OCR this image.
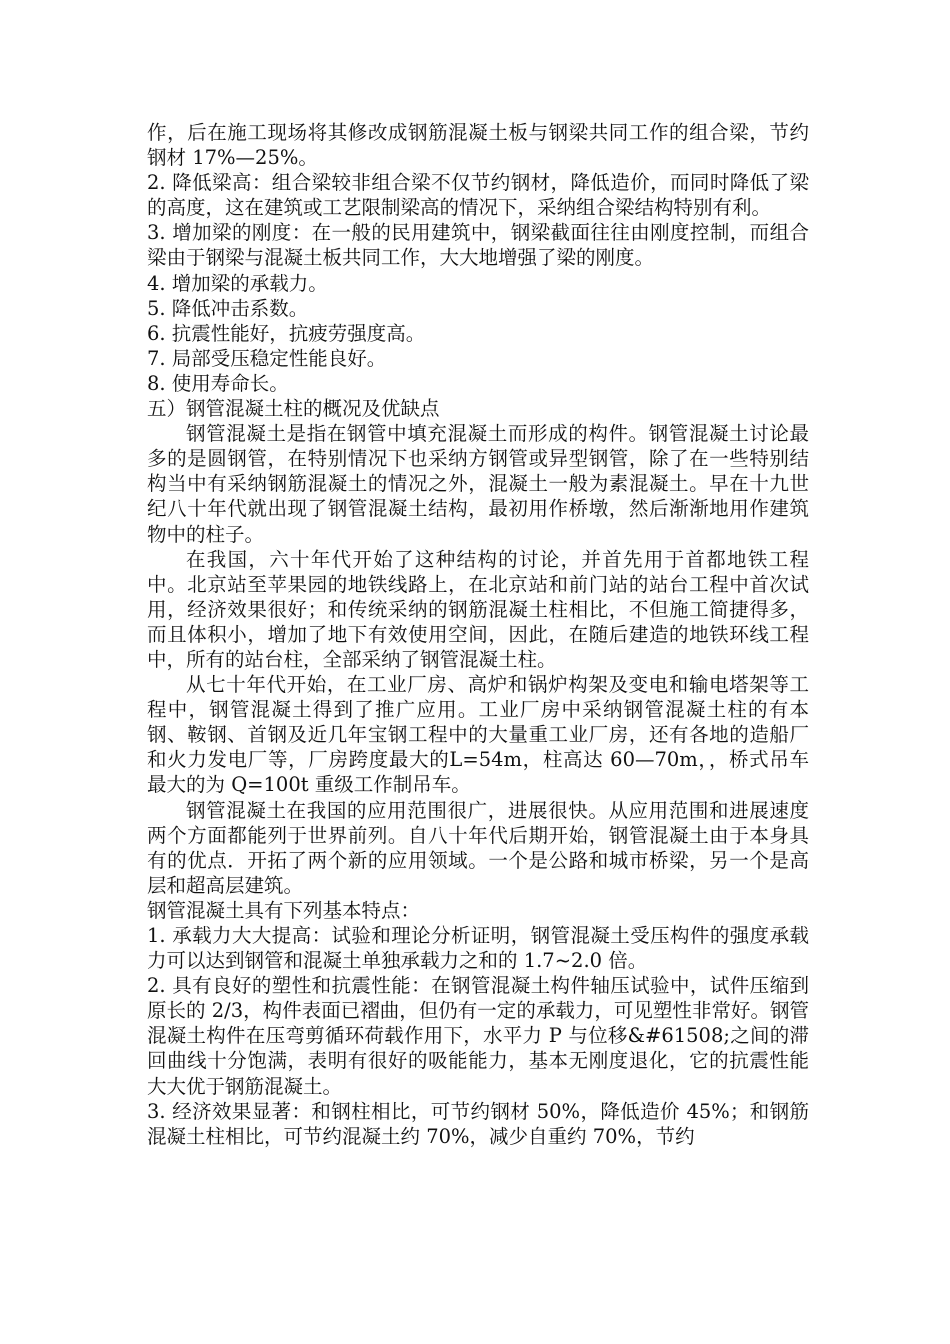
作，后在施工现场将其修改成钢筋混凝土板与钢梁共同工作的组合梁，节约钢材 17%—25%。

2. 降低梁高：组合梁较非组合梁不仅节约钢材，降低造价，而同时降低了梁的高度，这在建筑或工艺限制梁高的情况下，采纳组合梁结构特别有利。

3. 增加梁的刚度：在一般的民用建筑中，钢梁截面往往由刚度控制，而组合梁由于钢梁与混凝土板共同工作，大大地增强了梁的刚度。

4. 增加梁的承载力。

5. 降低冲击系数。

6. 抗震性能好，抗疲劳强度高。

7. 局部受压稳定性能良好。

8. 使用寿命长。

五）钢管混凝土柱的概况及优缺点

钢管混凝土是指在钢管中填充混凝土而形成的构件。钢管混凝土讨论最多的是圆钢管，在特别情况下也采纳方钢管或异型钢管，除了在一些特别结构当中有采纳钢筋混凝土的情况之外，混凝土一般为素混凝土。早在十九世纪八十年代就出现了钢管混凝土结构，最初用作桥墩，然后渐渐地用作建筑物中的柱子。

在我国，六十年代开始了这种结构的讨论，并首先用于首都地铁工程中。北京站至苹果园的地铁线路上，在北京站和前门站的站台工程中首次试用，经济效果很好；和传统采纳的钢筋混凝土柱相比，不但施工简捷得多，而且体积小，增加了地下有效使用空间，因此，在随后建造的地铁环线工程中，所有的站台柱，全部采纳了钢管混凝土柱。

从七十年代开始，在工业厂房、高炉和锅炉构架及变电和输电塔架等工程中，钢管混凝土得到了推广应用。工业厂房中采纳钢管混凝土柱的有本钢、鞍钢、首钢及近几年宝钢工程中的大量重工业厂房，还有各地的造船厂和火力发电厂等，厂房跨度最大的L=54m，柱高达 60—70m，，桥式吊车最大的为 Q=100t 重级工作制吊车。

钢管混凝土在我国的应用范围很广，进展很快。从应用范围和进展速度两个方面都能列于世界前列。自八十年代后期开始，钢管混凝土由于本身具有的优点．开拓了两个新的应用领域。一个是公路和城市桥梁，另一个是高层和超高层建筑。

钢管混凝土具有下列基本特点：

1. 承载力大大提高：试验和理论分析证明，钢管混凝土受压构件的强度承载力可以达到钢管和混凝土单独承载力之和的 1.7~2.0 倍。

2. 具有良好的塑性和抗震性能：在钢管混凝土构件轴压试验中，试件压缩到原长的 2/3，构件表面已褶曲，但仍有一定的承载力，可见塑性非常好。钢管混凝土构件在压弯剪循环荷载作用下，水平力 P 与位移&#61508;之间的滞回曲线十分饱满，表明有很好的吸能能力，基本无刚度退化，它的抗震性能大大优于钢筋混凝土。

3. 经济效果显著：和钢柱相比，可节约钢材 50%，降低造价 45%；和钢筋混凝土柱相比，可节约混凝土约 70%，减少自重约 70%，节约
